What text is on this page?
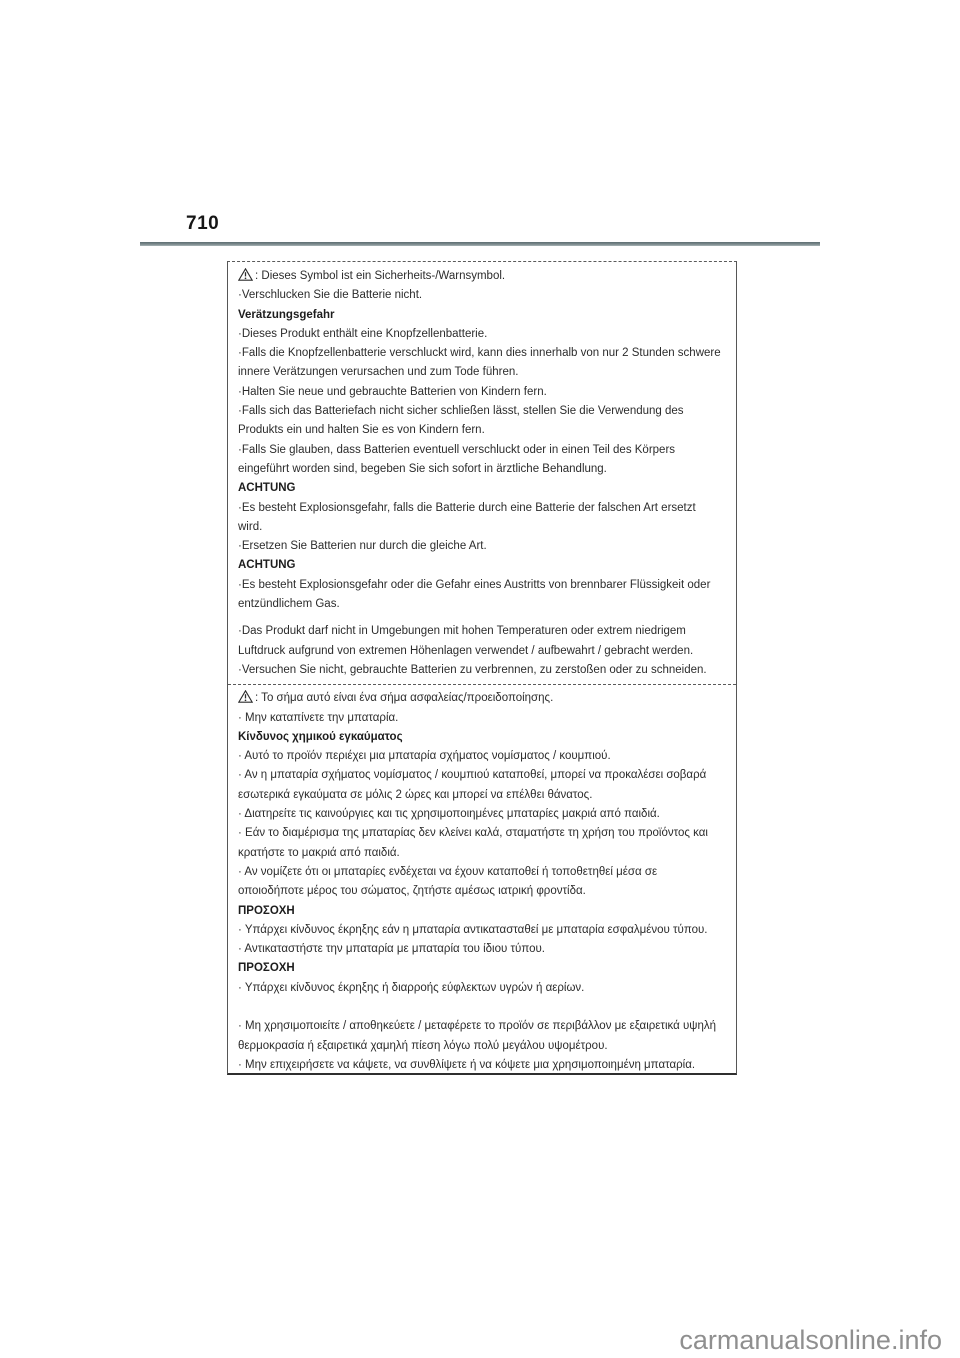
710
: Dieses Symbol ist ein Sicherheits-/Warnsymbol.
·Verschlucken Sie die Batterie nicht.
Verätzungsgefahr
·Dieses Produkt enthält eine Knopfzellenbatterie.
·Falls die Knopfzellenbatterie verschluckt wird, kann dies innerhalb von nur 2 Stunden schwere
innere Verätzungen verursachen und zum Tode führen.
·Halten Sie neue und gebrauchte Batterien von Kindern fern.
·Falls sich das Batteriefach nicht sicher schließen lässt, stellen Sie die Verwendung des
Produkts ein und halten Sie es von Kindern fern.
·Falls Sie glauben, dass Batterien eventuell verschluckt oder in einen Teil des Körpers
eingeführt worden sind, begeben Sie sich sofort in ärztliche Behandlung.
ACHTUNG
·Es besteht Explosionsgefahr, falls die Batterie durch eine Batterie der falschen Art ersetzt
wird.
·Ersetzen Sie Batterien nur durch die gleiche Art.
ACHTUNG
·Es besteht Explosionsgefahr oder die Gefahr eines Austritts von brennbarer Flüssigkeit oder
entzündlichem Gas.
·Das Produkt darf nicht in Umgebungen mit hohen Temperaturen oder extrem niedrigem
Luftdruck aufgrund von extremen Höhenlagen verwendet / aufbewahrt / gebracht werden.
·Versuchen Sie nicht, gebrauchte Batterien zu verbrennen, zu zerstoßen oder zu schneiden.
: Το σήμα αυτό είναι ένα σήμα ασφαλείας/προειδοποίησης.
· Μην καταπίνετε την μπαταρία.
Κίνδυνος χημικού εγκαύματος
· Αυτό το προϊόν περιέχει μια μπαταρία σχήματος νομίσματος / κουμπιού.
· Αν η μπαταρία σχήματος νομίσματος / κουμπιού καταποθεί, μπορεί να προκαλέσει σοβαρά
εσωτερικά εγκαύματα σε μόλις 2 ώρες και μπορεί να επέλθει θάνατος.
· Διατηρείτε τις καινούργιες και τις χρησιμοποιημένες μπαταρίες μακριά από παιδιά.
· Εάν το διαμέρισμα της μπαταρίας δεν κλείνει καλά, σταματήστε τη χρήση του προϊόντος και
κρατήστε το μακριά από παιδιά.
· Αν νομίζετε ότι οι μπαταρίες ενδέχεται να έχουν καταποθεί ή τοποθετηθεί μέσα σε
οποιοδήποτε μέρος του σώματος, ζητήστε αμέσως ιατρική φροντίδα.
ΠΡΟΣΟΧΗ
· Υπάρχει κίνδυνος έκρηξης εάν η μπαταρία αντικατασταθεί με μπαταρία εσφαλμένου τύπου.
· Αντικαταστήστε την μπαταρία με μπαταρία του ίδιου τύπου.
ΠΡΟΣΟΧΗ
· Υπάρχει κίνδυνος έκρηξης ή διαρροής εύφλεκτων υγρών ή αερίων.
· Μη χρησιμοποιείτε / αποθηκεύετε / μεταφέρετε το προϊόν σε περιβάλλον με εξαιρετικά υψηλή
θερμοκρασία ή εξαιρετικά χαμηλή πίεση λόγω πολύ μεγάλου υψομέτρου.
· Μην επιχειρήσετε να κάψετε, να συνθλίψετε ή να κόψετε μια χρησιμοποιημένη μπαταρία.
carmanualsonline.info
